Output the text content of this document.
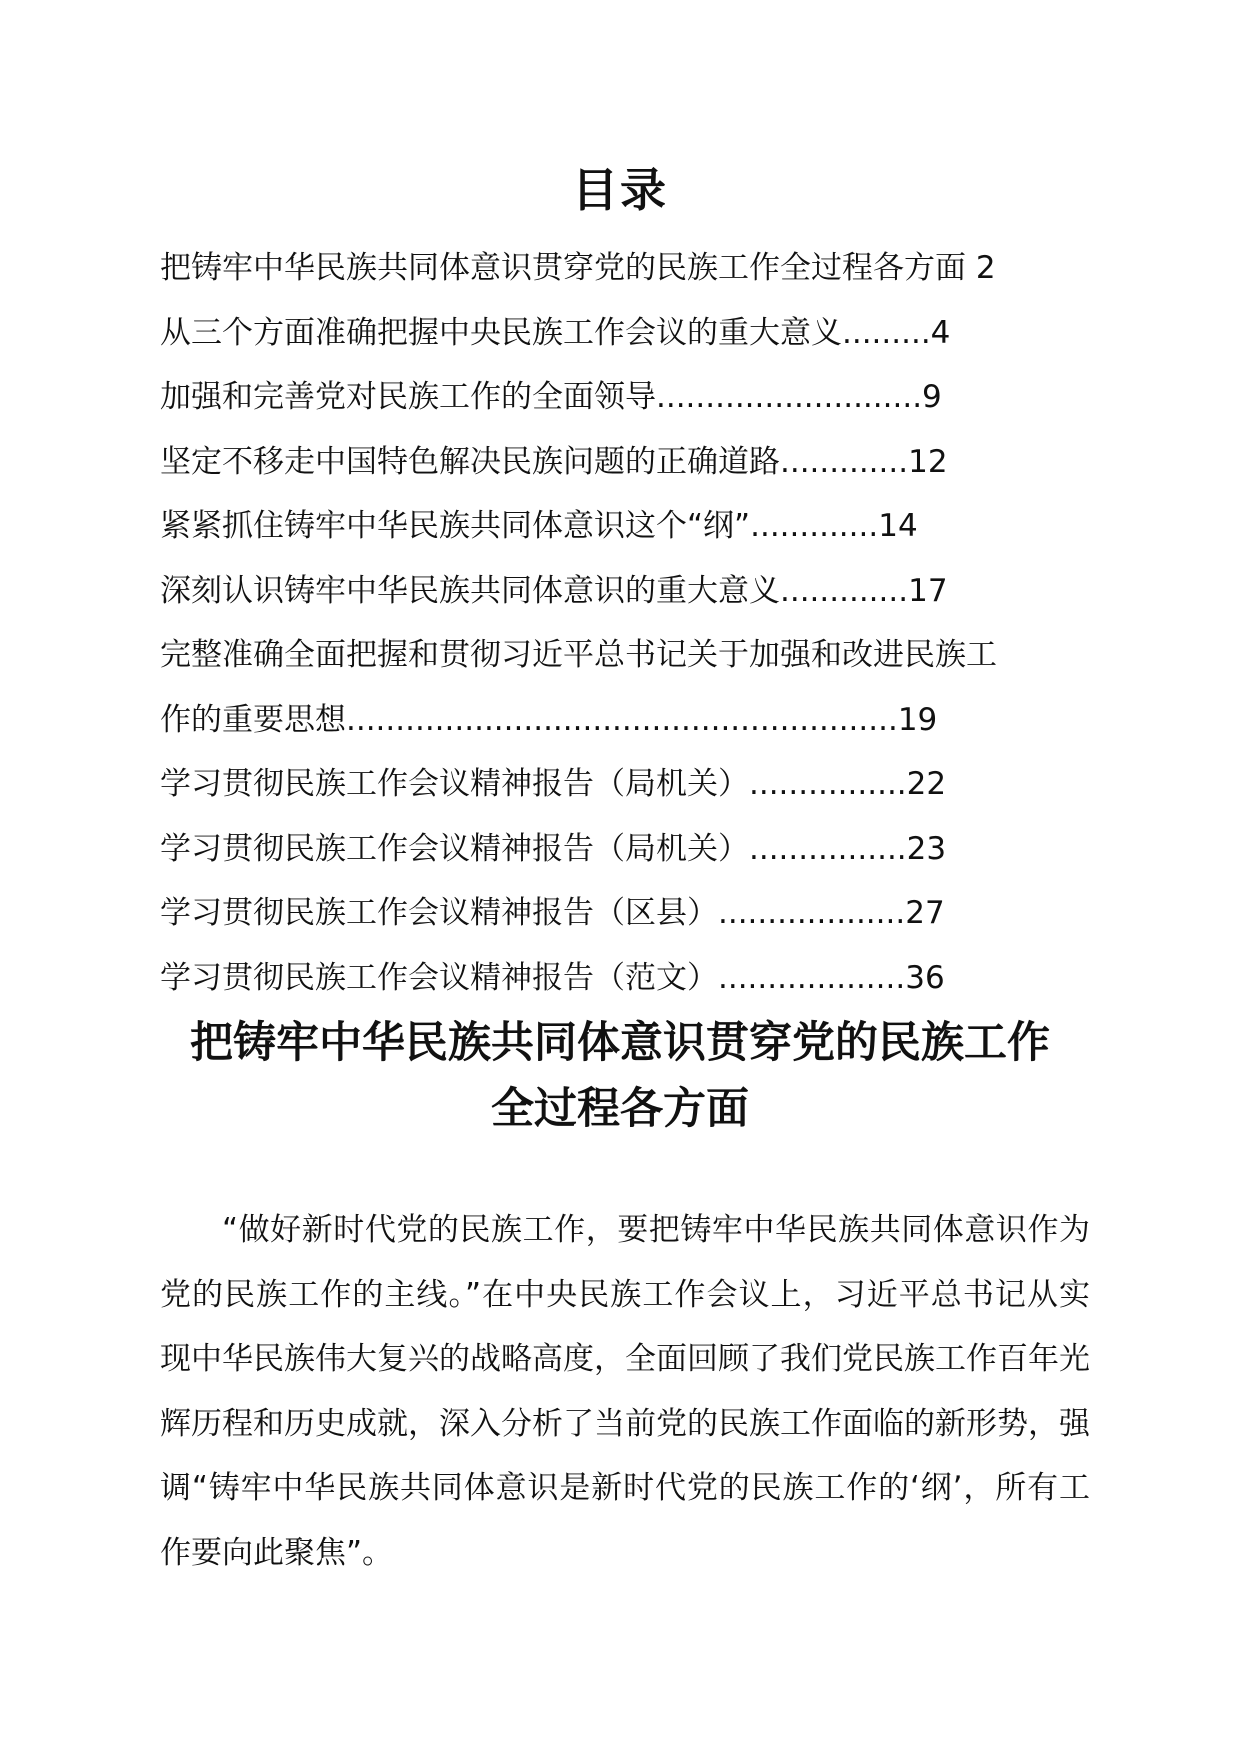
目录
把铸牢中华民族共同体意识贯穿党的民族工作全过程各方面 2
从三个方面准确把握中央民族工作会议的重大意义.........4
加强和完善党对民族工作的全面领导...........................9
坚定不移走中国特色解决民族问题的正确道路.............12
紧紧抓住铸牢中华民族共同体意识这个“纲”.............14
深刻认识铸牢中华民族共同体意识的重大意义.............17
完整准确全面把握和贯彻习近平总书记关于加强和改进民族工
作的重要思想........................................................19
学习贯彻民族工作会议精神报告（局机关）................22
学习贯彻民族工作会议精神报告（局机关）................23
学习贯彻民族工作会议精神报告（区县）...................27
学习贯彻民族工作会议精神报告（范文）...................36
把铸牢中华民族共同体意识贯穿党的民族工作
全过程各方面

“做好新时代党的民族工作，要把铸牢中华民族共同体意识作为党的民族工作的主线。”在中央民族工作会议上，习近平总书记从实现中华民族伟大复兴的战略高度，全面回顾了我们党民族工作百年光辉历程和历史成就，深入分析了当前党的民族工作面临的新形势，强调“铸牢中华民族共同体意识是新时代党的民族工作的‘纲’，所有工作要向此聚焦”。
